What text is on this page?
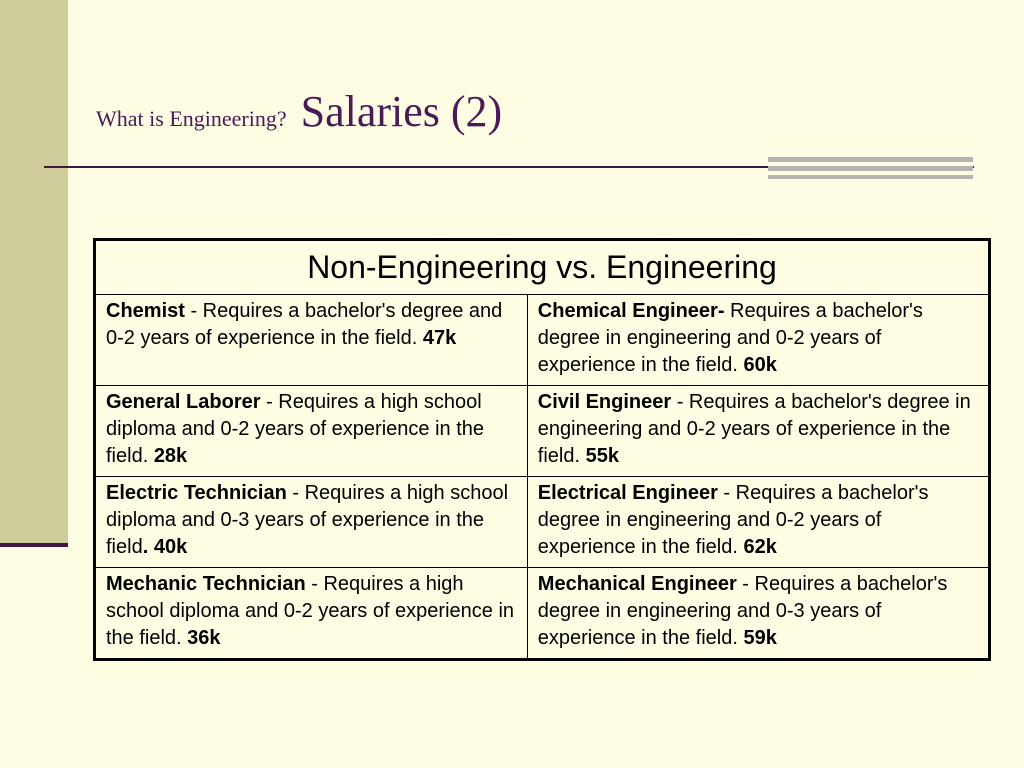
What is Engineering? Salaries (2)
Non-Engineering vs. Engineering	
Chemist - Requires a bachelor's degree and 0-2 years of experience in the field. 47k	Chemical Engineer- Requires a bachelor's degree in engineering and 0-2 years of experience in the field. 60k
General Laborer - Requires a high school diploma and 0-2 years of experience in the field. 28k	Civil Engineer - Requires a bachelor's degree in engineering and 0-2 years of experience in the field. 55k
Electric Technician - Requires a high school diploma and 0-3 years of experience in the field. 40k	Electrical Engineer - Requires a bachelor's degree in engineering and 0-2 years of experience in the field. 62k
Mechanic Technician - Requires a high school diploma and 0-2 years of experience in the field. 36k	Mechanical Engineer - Requires a bachelor's degree in engineering and 0-3 years of experience in the field. 59k
